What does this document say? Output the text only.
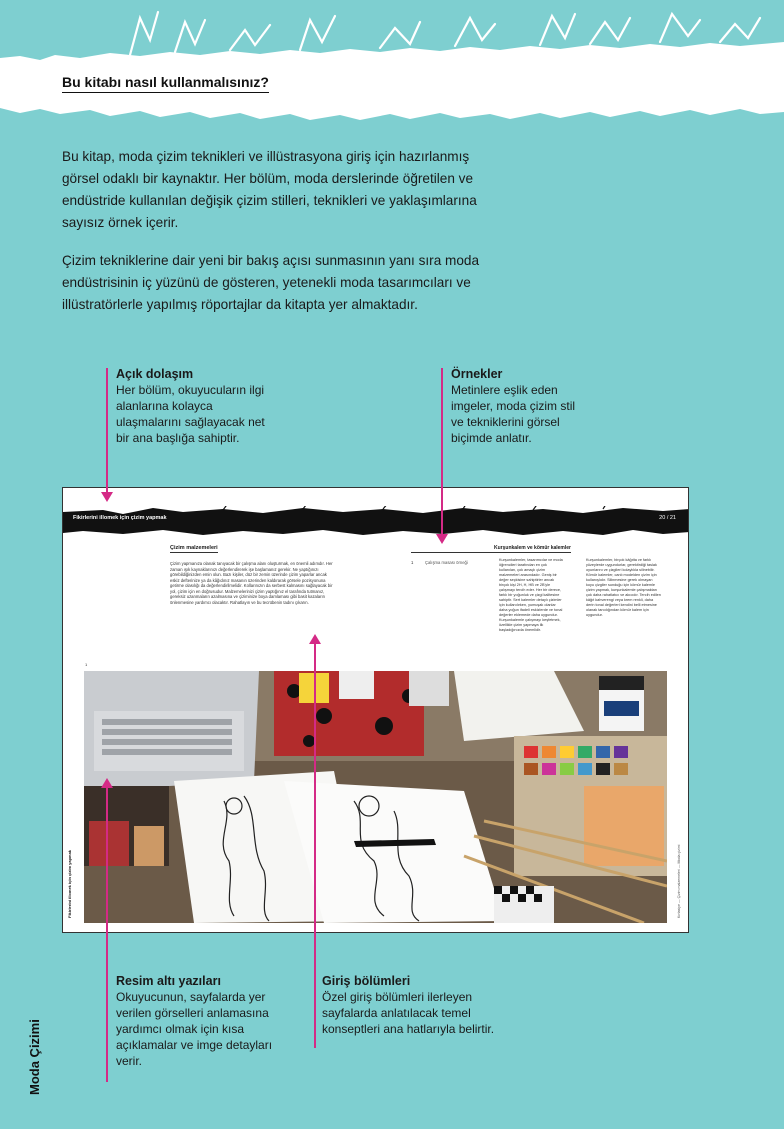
Bu kitabı nasıl kullanmalısınız?

Bu kitap, moda çizim teknikleri ve illüstrasyona giriş için hazırlanmış görsel odaklı bir kaynaktır. Her bölüm, moda derslerinde öğretilen ve endüstride kullanılan değişik çizim stilleri, teknikleri ve yaklaşımlarına sayısız örnek içerir.

Çizim tekniklerine dair yeni bir bakış açısı sunmasının yanı sıra moda endüstrisinin iç yüzünü de gösteren, yetenekli moda tasarımcıları ve illüstratörlerle yapılmış röportajlar da kitapta yer almaktadır.

Açık dolaşım

Her bölüm, okuyucuların ilgi alanlarına kolayca ulaşmalarını sağlayacak net bir ana başlığa sahiptir.

Örnekler

Metinlere eşlik eden imgeler, moda çizim stil ve tekniklerini görsel biçimde anlatır.

Fikirlerini illomek için çizim yapmak	20 / 21
Çizim malzemeleri
Çizim yapmanıza olanak tanıyacak bir çalışma alanı oluşturmak, en önemli adımdır. Her zaman ışık kaynaklarınızı değerlendirerek işe başlamanız gerekir. Ne yaptığınızı görebildiğinizden emin olun. Bazı kişiler, düz bir zemin üzerinde çizim yaparlar ancak eskiz defterinize ya da kâğıdınız masanın üzerinden kaldırarak görsele pozisyonuna getirme olasılığı da değerlendirilmelidir. Kollarınızın da serbest kalmasını sağlayacak bir yol, çizim için en doğrusudur. Malzemelerinizi çizim yaptığınız el tarafında tutmanız, gereksiz uzanmaların azalmasına ve çiziminize boya damlaması gibi basit kazaların önlenmesine yardımcı olacaktır. Rahatlayın ve bu tecrübenin tadını çıkarın.
Kurşunkalem ve kömür kalemler
1	Çalışma masası örneği	Kurşunkalemler, tasarımcılar ve moda öğrencileri tarafından en çok kullanılan, çok amaçlı çizim malzemeleri arasındadır. Geniş bir değer seçkisine sahiptirler ancak birçok kişi 2H, H, HB ve 2B'yle çalışmayı tercih eder. Her bir derece, farklı bir yoğunluk ve çizgi kalitesine sahiptir. Sert kalemler detaylı çizimler için kullanılırken, yumuşak olanlar daha yoğun ifadeli eskizlerde ve tonal değerler eklemede daha uygundur. Kurşunkalemle çalışmayı keşfetmek, özellikle çizim yapmaya ilk başladığınızda önemlidir.
Kurşunkalemler, birçok kâğıtta ve farklı yüzeylerde uygundurlar, gerektirdiği taslak oyunlarını ve çizgileri kolaylıkla silinebilir. Kömür kalemler, canlı modelden çizim için kullanışlıdır. Silinmesine gerek olmayan koyu çizgiler sunduğu için kömür kalemle çizim yapmak, kurşunkalemle çalışmaktan çok daha rahatlatıcı ve akıcıdır. Tercih edilen kâğıt kahverengi veya krem renkli, daha derin tonal değerleri kendini belli etmesine olanak tanıdığından kömür kalem için uygundur.
1
Fikirlerini illomek için çizim yapmak	Kırtasiye — Çizim malzemeleri — Moda çizimi
Resim altı yazıları

Okuyucunun, sayfalarda yer verilen görselleri anlamasına yardımcı olmak için kısa açıklamalar ve imge detayları verir.

Giriş bölümleri

Özel giriş bölümleri ilerleyen sayfalarda anlatılacak temel konseptleri ana hatlarıyla belirtir.

Moda Çizimi
